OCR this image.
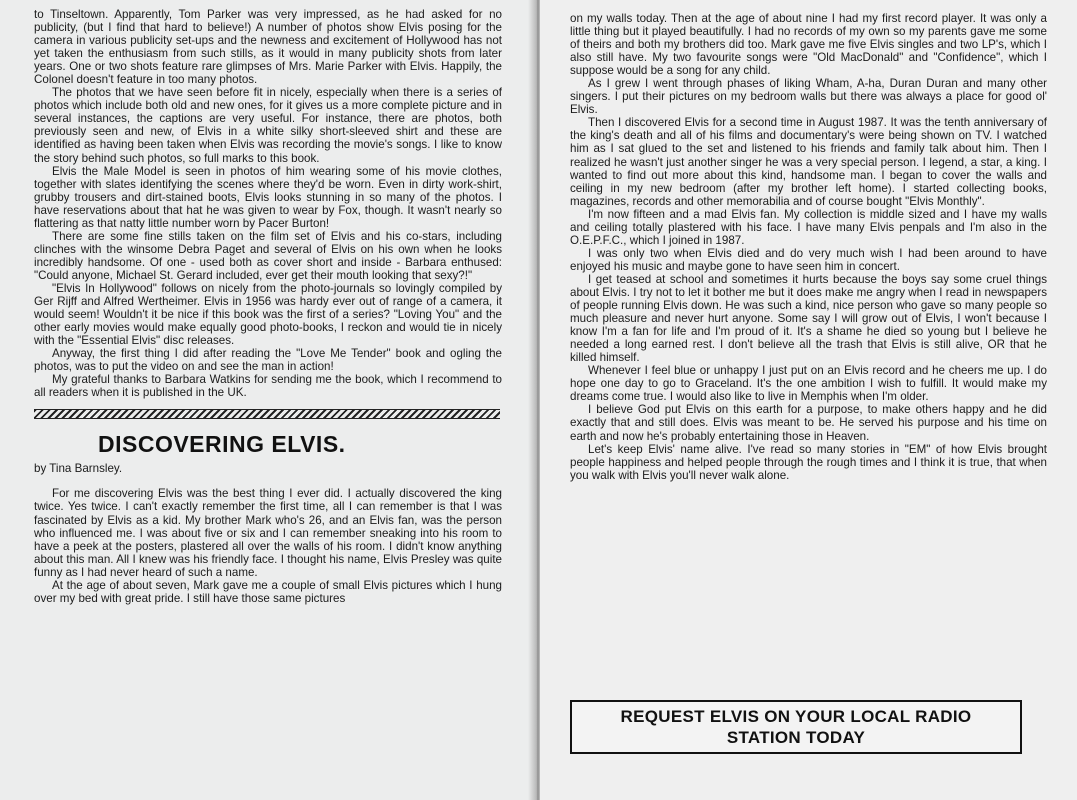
to Tinseltown. Apparently, Tom Parker was very impressed, as he had asked for no publicity, (but I find that hard to believe!) A number of photos show Elvis posing for the camera in various publicity set-ups and the newness and excitement of Hollywood has not yet taken the enthusiasm from such stills, as it would in many publicity shots from later years. One or two shots feature rare glimpses of Mrs. Marie Parker with Elvis. Happily, the Colonel doesn't feature in too many photos.

The photos that we have seen before fit in nicely, especially when there is a series of photos which include both old and new ones, for it gives us a more complete picture and in several instances, the captions are very useful. For instance, there are photos, both previously seen and new, of Elvis in a white silky short-sleeved shirt and these are identified as having been taken when Elvis was recording the movie's songs. I like to know the story behind such photos, so full marks to this book.

Elvis the Male Model is seen in photos of him wearing some of his movie clothes, together with slates identifying the scenes where they'd be worn. Even in dirty work-shirt, grubby trousers and dirt-stained boots, Elvis looks stunning in so many of the photos. I have reservations about that hat he was given to wear by Fox, though. It wasn't nearly so flattering as that natty little number worn by Pacer Burton!

There are some fine stills taken on the film set of Elvis and his co-stars, including clinches with the winsome Debra Paget and several of Elvis on his own when he looks incredibly handsome. Of one - used both as cover short and inside - Barbara enthused: "Could anyone, Michael St. Gerard included, ever get their mouth looking that sexy?!"

"Elvis In Hollywood" follows on nicely from the photo-journals so lovingly compiled by Ger Rijff and Alfred Wertheimer. Elvis in 1956 was hardy ever out of range of a camera, it would seem! Wouldn't it be nice if this book was the first of a series? "Loving You" and the other early movies would make equally good photo-books, I reckon and would tie in nicely with the "Essential Elvis" disc releases.

Anyway, the first thing I did after reading the "Love Me Tender" book and ogling the photos, was to put the video on and see the man in action!

My grateful thanks to Barbara Watkins for sending me the book, which I recommend to all readers when it is published in the UK.

DISCOVERING ELVIS.
by Tina Barnsley.

For me discovering Elvis was the best thing I ever did. I actually discovered the king twice. Yes twice. I can't exactly remember the first time, all I can remember is that I was fascinated by Elvis as a kid. My brother Mark who's 26, and an Elvis fan, was the person who influenced me. I was about five or six and I can remember sneaking into his room to have a peek at the posters, plastered all over the walls of his room. I didn't know anything about this man. All I knew was his friendly face. I thought his name, Elvis Presley was quite funny as I had never heard of such a name.

At the age of about seven, Mark gave me a couple of small Elvis pictures which I hung over my bed with great pride. I still have those same pictures

on my walls today. Then at the age of about nine I had my first record player. It was only a little thing but it played beautifully. I had no records of my own so my parents gave me some of theirs and both my brothers did too. Mark gave me five Elvis singles and two LP's, which I also still have. My two favourite songs were "Old MacDonald" and "Confidence", which I suppose would be a song for any child.

As I grew I went through phases of liking Wham, A-ha, Duran Duran and many other singers. I put their pictures on my bedroom walls but there was always a place for good ol' Elvis.

Then I discovered Elvis for a second time in August 1987. It was the tenth anniversary of the king's death and all of his films and documentary's were being shown on TV. I watched him as I sat glued to the set and listened to his friends and family talk about him. Then I realized he wasn't just another singer he was a very special person. I legend, a star, a king. I wanted to find out more about this kind, handsome man. I began to cover the walls and ceiling in my new bedroom (after my brother left home). I started collecting books, magazines, records and other memorabilia and of course bought "Elvis Monthly".

I'm now fifteen and a mad Elvis fan. My collection is middle sized and I have my walls and ceiling totally plastered with his face. I have many Elvis penpals and I'm also in the O.E.P.F.C., which I joined in 1987.

I was only two when Elvis died and do very much wish I had been around to have enjoyed his music and maybe gone to have seen him in concert.

I get teased at school and sometimes it hurts because the boys say some cruel things about Elvis. I try not to let it bother me but it does make me angry when I read in newspapers of people running Elvis down. He was such a kind, nice person who gave so many people so much pleasure and never hurt anyone. Some say I will grow out of Elvis, I won't because I know I'm a fan for life and I'm proud of it. It's a shame he died so young but I believe he needed a long earned rest. I don't believe all the trash that Elvis is still alive, OR that he killed himself.

Whenever I feel blue or unhappy I just put on an Elvis record and he cheers me up. I do hope one day to go to Graceland. It's the one ambition I wish to fulfill. It would make my dreams come true. I would also like to live in Memphis when I'm older.

I believe God put Elvis on this earth for a purpose, to make others happy and he did exactly that and still does. Elvis was meant to be. He served his purpose and his time on earth and now he's probably entertaining those in Heaven.

Let's keep Elvis' name alive. I've read so many stories in "EM" of how Elvis brought people happiness and helped people through the rough times and I think it is true, that when you walk with Elvis you'll never walk alone.

REQUEST ELVIS ON YOUR LOCAL RADIO
STATION TODAY
